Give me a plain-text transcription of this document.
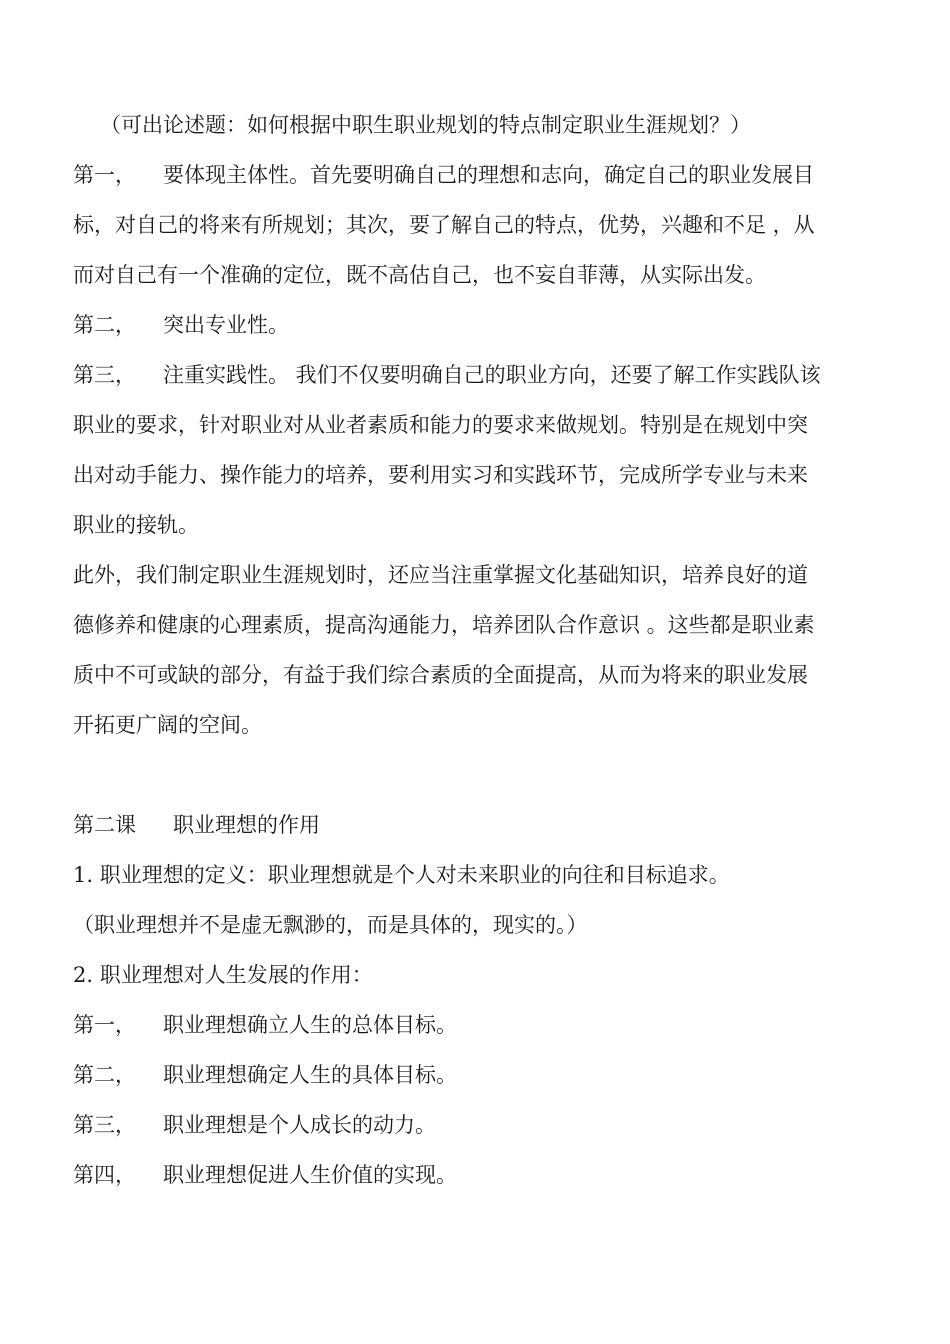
（可出论述题：如何根据中职生职业规划的特点制定职业生涯规划？）
第一， 要体现主体性。首先要明确自己的理想和志向，确定自己的职业发展目
标，对自己的将来有所规划；其次，要了解自己的特点，优势，兴趣和不足 ，从
而对自己有一个准确的定位，既不高估自己，也不妄自菲薄，从实际出发。
第二， 突出专业性。
第三， 注重实践性。 我们不仅要明确自己的职业方向，还要了解工作实践队该
职业的要求，针对职业对从业者素质和能力的要求来做规划。特别是在规划中突
出对动手能力、操作能力的培养，要利用实习和实践环节，完成所学专业与未来
职业的接轨。
此外，我们制定职业生涯规划时，还应当注重掌握文化基础知识，培养良好的道
德修养和健康的心理素质，提高沟通能力，培养团队合作意识 。这些都是职业素
质中不可或缺的部分，有益于我们综合素质的全面提高，从而为将来的职业发展
开拓更广阔的空间。
第二课 职业理想的作用
1. 职业理想的定义：职业理想就是个人对未来职业的向往和目标追求。
（职业理想并不是虚无飘渺的，而是具体的，现实的。）
2. 职业理想对人生发展的作用：
第一， 职业理想确立人生的总体目标。
第二， 职业理想确定人生的具体目标。
第三， 职业理想是个人成长的动力。
第四， 职业理想促进人生价值的实现。
